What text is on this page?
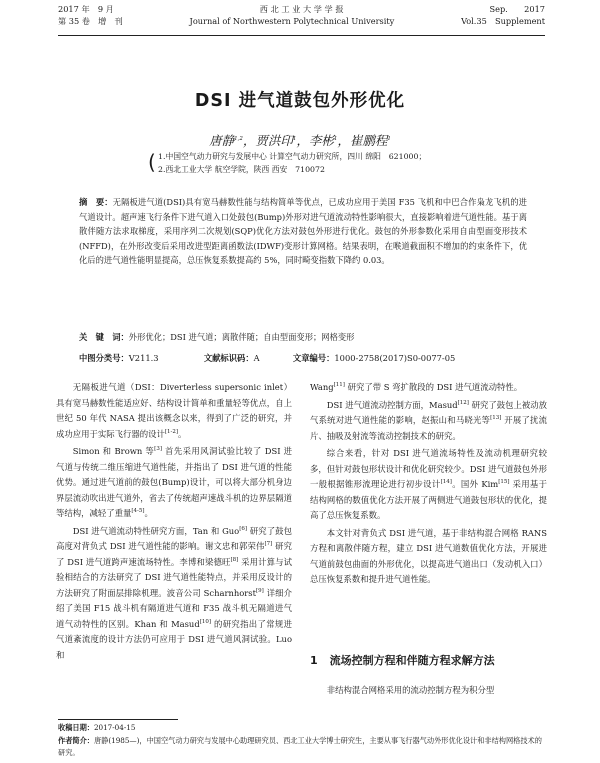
2017 年　9 月	西 北 工 业 大 学 学 报	Sep.　　2017
第 35 卷　增　刊	Journal of Northwestern Polytechnical University	Vol.35　Supplement
DSI 进气道鼓包外形优化
唐静$^{1,2}$，贾洪印$^1$，李彬$^1$，崔鹏程$^1$
( 1.中国空气动力研究与发展中心 计算空气动力研究所，四川 绵阳　621000；
2.西北工业大学 航空学院，陕西 西安　710072
摘　要：无隔板进气道(DSI)具有宽马赫数性能与结构简单等优点，已成功应用于美国 F35 飞机和中巴合作枭龙飞机的进气道设计。超声速飞行条件下进气道入口处鼓包(Bump)外形对进气道流动特性影响很大，直接影响着进气道性能。基于离散伴随方法求取梯度，采用序列二次规划(SQP)优化方法对鼓包外形进行优化。鼓包的外形参数化采用自由型面变形技术(NFFD)，在外形改变后采用改进型距离函数法(IDWF)变形计算网格。结果表明，在喉道截面积不增加的约束条件下，优化后的进气道性能明显提高，总压恢复系数提高约 5%，同时畸变指数下降约 0.03。
关　键　词：外形优化；DSI 进气道；离散伴随；自由型面变形；网格变形
中图分类号：V211.3	文献标识码：A	文章编号：1000-2758(2017)S0-0077-05

无隔板进气道（DSI：Diverterless supersonic inlet）具有宽马赫数性能适应好、结构设计简单和重量轻等优点，自上世纪 50 年代 NASA 提出该概念以来，得到了广泛的研究，并成功应用于实际飞行器的设计[1-2]。

Simon 和 Brown 等[3] 首先采用风洞试验比较了 DSI 进气道与传统二维压缩进气道性能，并指出了 DSI 进气道的性能优势。通过进气道前的鼓包(Bump)设计，可以将大部分机身边界层流动吹出进气道外，省去了传统超声速战斗机的边界层隔道等结构，减轻了重量[4-5]。

DSI 进气道流动特性研究方面，Tan 和 Guo[6] 研究了鼓包高度对背负式 DSI 进气道性能的影响。谢文忠和郭荣伟[7] 研究了 DSI 进气道跨声速流场特性。李博和梁德旺[8] 采用计算与试验相结合的方法研究了 DSI 进气道性能特点，并采用反设计的方法研究了附面层排除机理。波音公司 Scharnhorst[9] 详细介绍了美国 F15 战斗机有隔道进气道和 F35 战斗机无隔道进气道气动特性的区别。Khan 和 Masud[10] 的研究指出了常规进气道紊流度的设计方法仍可应用于 DSI 进气道风洞试验。Luo 和

Wang[11] 研究了带 S 弯扩散段的 DSI 进气道流动特性。

DSI 进气道流动控制方面，Masud[12] 研究了鼓包上被动放气系统对进气道性能的影响，赵振山和马晓光等[13] 开展了扰流片、抽吸及射流等流动控制技术的研究。

综合来看，针对 DSI 进气道流场特性及流动机理研究较多，但针对鼓包形状设计和优化研究较少。DSI 进气道鼓包外形一般根据锥形流理论进行初步设计[14]。国外 Kim[15] 采用基于结构网格的数值优化方法开展了两侧进气道鼓包形状的优化，提高了总压恢复系数。

本文针对背负式 DSI 进气道，基于非结构混合网格 RANS 方程和离散伴随方程，建立 DSI 进气道数值优化方法，开展进气道前鼓包曲面的外形优化，以提高进气道出口（发动机入口）总压恢复系数和提升进气道性能。

1 流场控制方程和伴随方程求解方法
非结构混合网格采用的流动控制方程为积分型
收稿日期：2017-04-15
作者简介：唐静(1985—)，中国空气动力研究与发展中心助理研究员、西北工业大学博士研究生，主要从事飞行器气动外形优化设计和非结构网格技术的研究。
